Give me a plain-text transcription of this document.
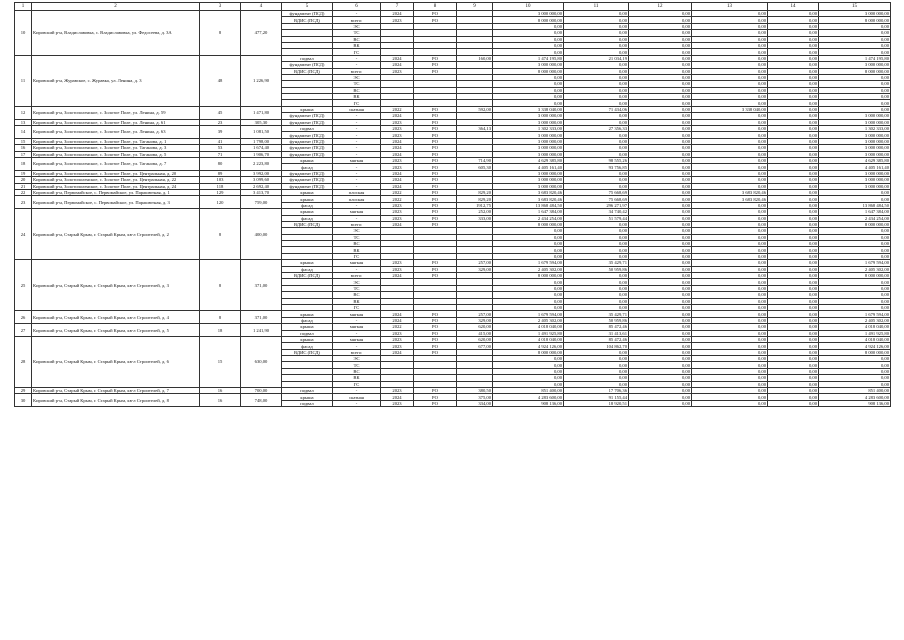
1	2	3	4	5	6	7	8	9	10	11	12	13	14	15
10	Кировский р-н, Владиславовка, с. Владиславовка, ул. Федосеева, д. 3А	8	477,20	фундамент (ПСД)	-	2024	РО		3 000 000,00	0,00	0,00	0,00	0,00	3 000 000,00
				ВДИС (ПСД)	всего:	2023	РО		8 000 000,00	0,00	0,00	0,00	0,00	8 000 000,00
					ЭС				0,00	0,00	0,00	0,00	0,00	0,00
					ТС				0,00	0,00	0,00	0,00	0,00	0,00
					ВС				0,00	0,00	0,00	0,00	0,00	0,00
					ВК				0,00	0,00	0,00	0,00	0,00	0,00
					ГС				0,00	0,00	0,00	0,00	0,00	0,00
11	Кировский р-н, Журавское, с. Журавка, ул. Ленина, д. 3	48	1 226,90	подвал	-	2024	РО	160,00	1 474 195,80	21 034,19	0,00	0,00	0,00	1 474 195,80
				фундамент (ПСД)	-	2024	РО		3 000 000,00	0,00	0,00	0,00	0,00	3 000 000,00
				ВДИС (ПСД)	всего:	2023	РО		8 000 000,00	0,00	0,00	0,00	0,00	8 000 000,00
					ЭС				0,00	0,00	0,00	0,00	0,00	0,00
					ТС				0,00	0,00	0,00	0,00	0,00	0,00
					ВС				0,00	0,00	0,00	0,00	0,00	0,00
					ВК				0,00	0,00	0,00	0,00	0,00	0,00
					ГС				0,00	0,00	0,00	0,00	0,00	0,00
12	Кировский р-н, Золотополенское, с. Золотое Поле, ул. Ленина, д. 59	45	1 471,80	крыша	скатная	2022	РО	592,00	3 338 040,00	71 434,06	0,00	3 338 040,00	0,00	0,00
				фундамент (ПСД)	-	2024	РО		3 000 000,00	0,00	0,00	0,00	0,00	3 000 000,00
13	Кировский р-н, Золотополенское, с. Золотое Поле, ул. Ленина, д. 61	23	305,30	фундамент (ПСД)	-	2023	РО		3 000 000,00	0,00	0,00	0,00	0,00	3 000 000,00
14	Кировский р-н, Золотополенское, с. Золотое Поле, ул. Ленина, д. 63	39	1 081,50	подвал	-	2023	РО	364,13	1 302 333,00	27 356,33	0,00	0,00	0,00	1 302 333,00
				фундамент (ПСД)	-	2023	РО		3 000 000,00	0,00	0,00	0,00	0,00	3 000 000,00
15	Кировский р-н, Золотополенское, с. Золотое Поле, ул. Таганова, д. 1	41	1 798,00	фундамент (ПСД)	-	2024	РО		3 000 000,00	0,00	0,00	0,00	0,00	3 000 000,00
16	Кировский р-н, Золотополенское, с. Золотое Поле, ул. Таганова, д. 3	53	1 674,40	фундамент (ПСД)	-	2024	РО		3 000 000,00	0,00	0,00	0,00	0,00	3 000 000,00
17	Кировский р-н, Золотополенское, с. Золотое Поле, ул. Таганова, д. 5	71	1 906,70	фундамент (ПСД)	-	2024	РО		3 000 000,00	0,00	0,00	0,00	0,00	3 000 000,00
18	Кировский р-н, Золотополенское, с. Золотое Поле, ул. Таганова, д. 7	80	2 223,80	крыша	мягкая	2023	РО	714,90	4 629 385,80	98 555,26	0,00	0,00	0,00	4 629 385,80
				фасад	-	2023	РО	605,30	4 405 161,40	93 756,85	0,00	0,00	0,00	4 405 161,40
19	Кировский р-н, Золотополенское, с. Золотое Поле, ул. Центральная, д. 20	89	3 992,00	фундамент (ПСД)	-	2024	РО		3 000 000,00	0,00	0,00	0,00	0,00	3 000 000,00
20	Кировский р-н, Золотополенское, с. Золотое Поле, ул. Центральная, д. 22	103	3 099,60	фундамент (ПСД)	-	2024	РО		3 000 000,00	0,00	0,00	0,00	0,00	3 000 000,00
21	Кировский р-н, Золотополенское, с. Золотое Поле, ул. Центральная, д. 24	118	2 692,40	фундамент (ПСД)	-	2024	РО		3 000 000,00	0,00	0,00	0,00	0,00	3 000 000,00
22	Кировский р-н, Первомайское, с. Первомайское, ул. Парашютная, д. 1	129	3 413,70	крыша	плоская	2022	РО	829,20	3 683 820,46	75 668,69	0,00	3 683 820,46	0,00	0,00
23	Кировский р-н, Первомайское, с. Первомайское, ул. Парашютная, д. 3	120	759,00	крыша	плоская	2022	РО	829,20	3 683 820,46	75 668,69	0,00	3 683 820,46	0,00	0,00
				фасад	-	2023	РО	1912,75	13 868 484,50	296 271,97	0,00	0,00	0,00	13 868 484,50
24	Кировский р-н, Старый Крым, г. Старый Крым, кв-л Строителей, д. 2	8	400,00	крыша	мягкая	2023	РО	252,00	1 647 384,00	34 740,42	0,00	0,00	0,00	1 647 384,00
				фасад	-	2023	РО	333,00	2 434 254,00	51 579,44	0,00	0,00	0,00	2 434 254,00
				ВДИС (ПСД)	всего:	2024	РО		8 000 000,00	0,00	0,00	0,00	0,00	8 000 000,00
					ЭС				0,00	0,00	0,00	0,00	0,00	0,00
					ТС				0,00	0,00	0,00	0,00	0,00	0,00
					ВС				0,00	0,00	0,00	0,00	0,00	0,00
					ВК				0,00	0,00	0,00	0,00	0,00	0,00
					ГС				0,00	0,00	0,00	0,00	0,00	0,00
25	Кировский р-н, Старый Крым, г. Старый Крым, кв-л Строителей, д. 3	8	371,00	крыша	мягкая	2023	РО	257,00	1 679 594,00	35 429,71	0,00	0,00	0,00	1 679 594,00
				фасад	-	2023	РО	329,00	2 405 302,00	50 959,86	0,00	0,00	0,00	2 405 302,00
				ВДИС (ПСД)	всего:	2024	РО		8 000 000,00	0,00	0,00	0,00	0,00	8 000 000,00
					ЭС				0,00	0,00	0,00	0,00	0,00	0,00
					ТС				0,00	0,00	0,00	0,00	0,00	0,00
					ВС				0,00	0,00	0,00	0,00	0,00	0,00
					ВК				0,00	0,00	0,00	0,00	0,00	0,00
					ГС				0,00	0,00	0,00	0,00	0,00	0,00
26	Кировский р-н, Старый Крым, г. Старый Крым, кв-л Строителей, д. 4	8	371,00	крыша	мягкая	2024	РО	257,00	1 679 594,00	35 429,71	0,00	0,00	0,00	1 679 594,00
				фасад	-	2024	РО	329,00	2 405 302,00	50 959,86	0,00	0,00	0,00	2 405 302,00
27	Кировский р-н, Старый Крым, г. Старый Крым, кв-л Строителей, д. 5	18	1 241,90	крыша	мягкая	2022	РО	620,00	4 018 040,00	85 472,46	0,00	0,00	0,00	4 018 040,00
				подвал	-	2023	РО	415,00	1 491 925,80	31 413,61	0,00	0,00	0,00	1 491 925,80
28	Кировский р-н, Старый Крым, г. Старый Крым, кв-л Строителей, д. 6	15	630,00	крыша	мягкая	2023	РО	620,00	4 018 040,00	85 472,46	0,00	0,00	0,00	4 018 040,00
				фасад	-	2023	РО	677,00	4 924 126,00	104 862,70	0,00	0,00	0,00	4 924 126,00
				ВДИС (ПСД)	всего:	2024	РО		8 000 000,00	0,00	0,00	0,00	0,00	8 000 000,00
					ЭС				0,00	0,00	0,00	0,00	0,00	0,00
					ТС				0,00	0,00	0,00	0,00	0,00	0,00
					ВС				0,00	0,00	0,00	0,00	0,00	0,00
					ВК				0,00	0,00	0,00	0,00	0,00	0,00
					ГС				0,00	0,00	0,00	0,00	0,00	0,00
29	Кировский р-н, Старый Крым, г. Старый Крым, кв-л Строителей, д. 7	16	700,00	подвал	-	2023	РО	380,50	851 400,00	17 706,36	0,00	0,00	0,00	851 400,00
30	Кировский р-н, Старый Крым, г. Старый Крым, кв-л Строителей, д. 8	16	748,00	крыша	скатная	2024	РО	375,00	4 283 600,00	91 155,44	0,00	0,00	0,00	4 283 600,00
				подвал	-	2023	РО	334,00	908 136,00	18 920,51	0,00	0,00	0,00	908 136,00
